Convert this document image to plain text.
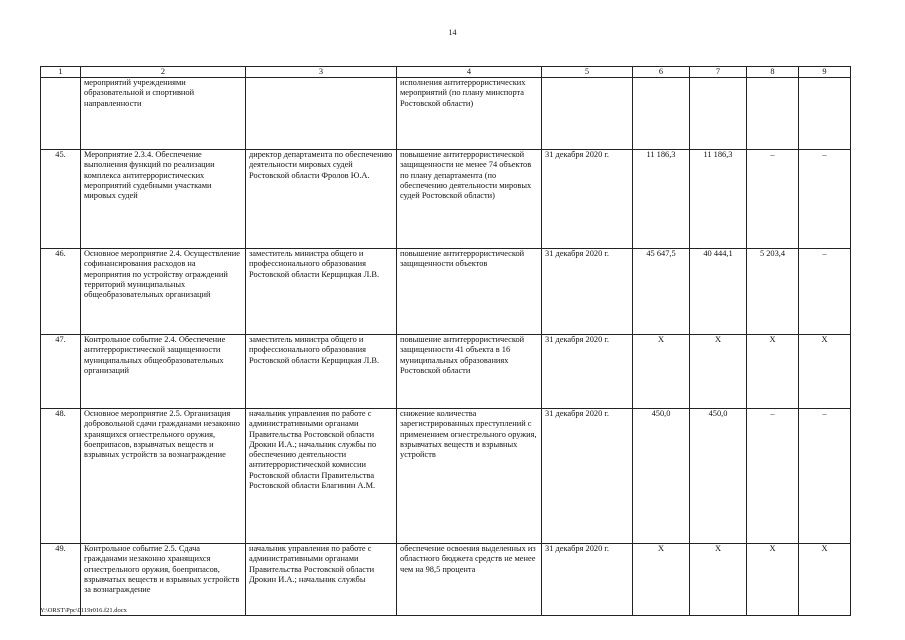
14
1	2	3	4	5	6	7	8	9
	мероприятий учреждениями образовательной и спортивной направленности		исполнения антитеррористических мероприятий (по плану минспорта Ростовской области)					
45.	Мероприятие 2.3.4. Обеспечение выполнения функций по реализации комплекса антитеррористических мероприятий судебными участками мировых судей	директор департамента по обеспечению деятельности мировых судей Ростовской области Фролов Ю.А.	повышение антитеррористической защищенности не менее 74 объектов по плану департамента (по обеспечению деятельности мировых судей Ростовской области)	31 декабря 2020 г.	11 186,3	11 186,3	–	–
46.	Основное мероприятие 2.4. Осуществление софинансирования расходов на мероприятия по устройству ограждений территорий муниципальных общеобразовательных организаций	заместитель министра общего и профессионального образования Ростовской области Керщицкая Л.В.	повышение антитеррористической защищенности объектов	31 декабря 2020 г.	45 647,5	40 444,1	5 203,4	–
47.	Контрольное событие 2.4. Обеспечение антитеррористической защищенности муниципальных общеобразовательных организаций	заместитель министра общего и профессионального образования Ростовской области Керщицкая Л.В.	повышение антитеррористической защищенности 41 объекта в 16 муниципальных образованиях Ростовской области	31 декабря 2020 г.	Х	Х	Х	Х
48.	Основное мероприятие 2.5. Организация добровольной сдачи гражданами незаконно хранящихся огнестрельного оружия, боеприпасов, взрывчатых веществ и взрывных устройств за вознаграждение	начальник управления по работе с административными органами Правительства Ростовской области Дрокин И.А.; начальник службы по обеспечению деятельности антитеррористической комиссии Ростовской области Правительства Ростовской области Благинин А.М.	снижение количества зарегистрированных преступлений с применением огнестрельного оружия, взрывчатых веществ и взрывных устройств	31 декабря 2020 г.	450,0	450,0	–	–
49.	Контрольное событие 2.5. Сдача гражданами незаконно хранящихся огнестрельного оружия, боеприпасов, взрывчатых веществ и взрывных устройств за вознаграждение	начальник управления по работе с административными органами Правительства Ростовской области Дрокин И.А.; начальник службы	обеспечение освоения выделенных из областного бюджета средств не менее чем на 98,5 процента	31 декабря 2020 г.	Х	Х	Х	Х
Y:\ORST\Ppc\0119r016.f21.docx
